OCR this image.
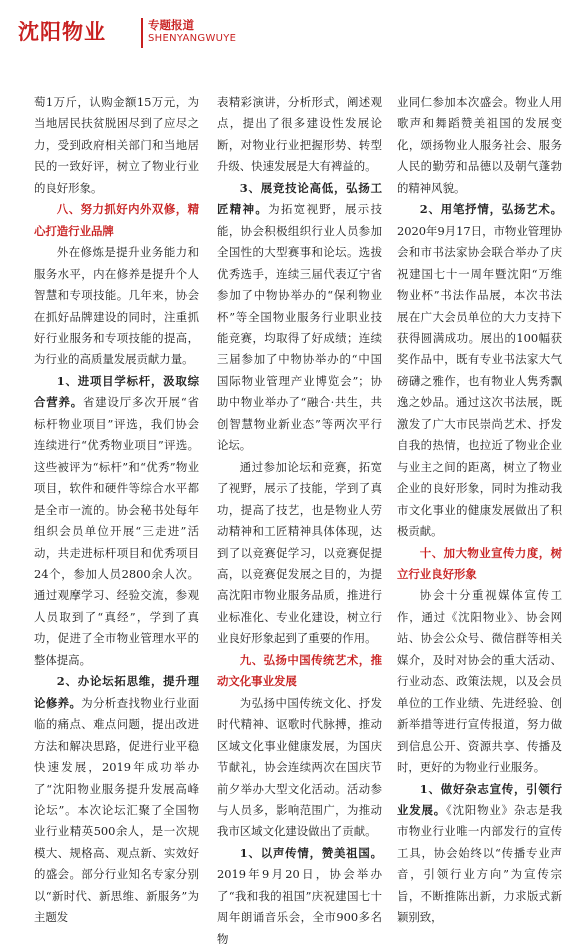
沈阳物业	专题报道
SHENYANGWUYE

萄1万斤，认购金额15万元，为当地居民扶贫脱困尽到了应尽之力，受到政府相关部门和当地居民的一致好评，树立了物业行业的良好形象。

八、努力抓好内外双修，精心打造行业品牌

外在修炼是提升业务能力和服务水平，内在修养是提升个人智慧和专项技能。几年来，协会在抓好品牌建设的同时，注重抓好行业服务和专项技能的提高，为行业的高质量发展贡献力量。

1、进项目学标杆，汲取综合营养。省建设厅多次开展“省标杆物业项目”评选，我们协会连续进行“优秀物业项目”评选。这些被评为“标杆”和“优秀”物业项目，软件和硬件等综合水平都是全市一流的。协会秘书处每年组织会员单位开展“三走进”活动，共走进标杆项目和优秀项目24个，参加人员2800余人次。通过观摩学习、经验交流，参观人员取到了“真经”，学到了真功，促进了全市物业管理水平的整体提高。

2、办论坛拓思维，提升理论修养。为分析查找物业行业面临的痛点、难点问题，提出改进方法和解决思路，促进行业平稳快速发展，2019年成功举办了“沈阳物业服务提升发展高峰论坛”。本次论坛汇聚了全国物业行业精英500余人，是一次规模大、规格高、观点新、实效好的盛会。部分行业知名专家分别以“新时代、新思维、新服务”为主题发

表精彩演讲，分析形式，阐述观点，提出了很多建设性发展论断，对物业行业把握形势、转型升级、快速发展是大有裨益的。

3、展竞技论高低，弘扬工匠精神。为拓宽视野，展示技能，协会积极组织行业人员参加全国性的大型赛事和论坛。选拔优秀选手，连续三届代表辽宁省参加了中物协举办的“保利物业杯”等全国物业服务行业职业技能竞赛，均取得了好成绩；连续三届参加了中物协举办的“中国国际物业管理产业博览会”；协助中物业举办了“融合·共生，共创智慧物业新业态”等两次平行论坛。

通过参加论坛和竞赛，拓宽了视野，展示了技能，学到了真功，提高了技艺，也是物业人劳动精神和工匠精神具体体现，达到了以竞赛促学习，以竞赛促提高，以竞赛促发展之目的，为提高沈阳市物业服务品质，推进行业标准化、专业化建设，树立行业良好形象起到了重要的作用。

九、弘扬中国传统艺术，推动文化事业发展

为弘扬中国传统文化、抒发时代精神、讴歌时代脉搏，推动区域文化事业健康发展，为国庆节献礼，协会连续两次在国庆节前夕举办大型文化活动。活动参与人员多，影响范围广，为推动我市区域文化建设做出了贡献。

1、以声传情，赞美祖国。2019年9月20日，协会举办了“我和我的祖国”庆祝建国七十周年朗诵音乐会，全市900多名物

业同仁参加本次盛会。物业人用歌声和舞蹈赞美祖国的发展变化，颂扬物业人服务社会、服务人民的勤劳和品德以及朝气蓬勃的精神风貌。

2、用笔抒情，弘扬艺术。2020年9月17日，市物业管理协会和市书法家协会联合举办了庆祝建国七十一周年暨沈阳“万维物业杯”书法作品展，本次书法展在广大会员单位的大力支持下获得圆满成功。展出的100幅获奖作品中，既有专业书法家大气磅礴之雅作，也有物业人隽秀飘逸之妙品。通过这次书法展，既激发了广大市民崇尚艺术、抒发自我的热情，也拉近了物业企业与业主之间的距离，树立了物业企业的良好形象，同时为推动我市文化事业的健康发展做出了积极贡献。

十、加大物业宣传力度，树立行业良好形象

协会十分重视媒体宣传工作，通过《沈阳物业》、协会网站、协会公众号、微信群等相关媒介，及时对协会的重大活动、行业动态、政策法规，以及会员单位的工作业绩、先进经验、创新举措等进行宣传报道，努力做到信息公开、资源共享、传播及时，更好的为物业行业服务。

1、做好杂志宣传，引领行业发展。《沈阳物业》杂志是我市物业行业唯一内部发行的宣传工具，协会始终以“传播专业声音，引领行业方向”为宣传宗旨，不断推陈出新，力求版式新颖别致，
